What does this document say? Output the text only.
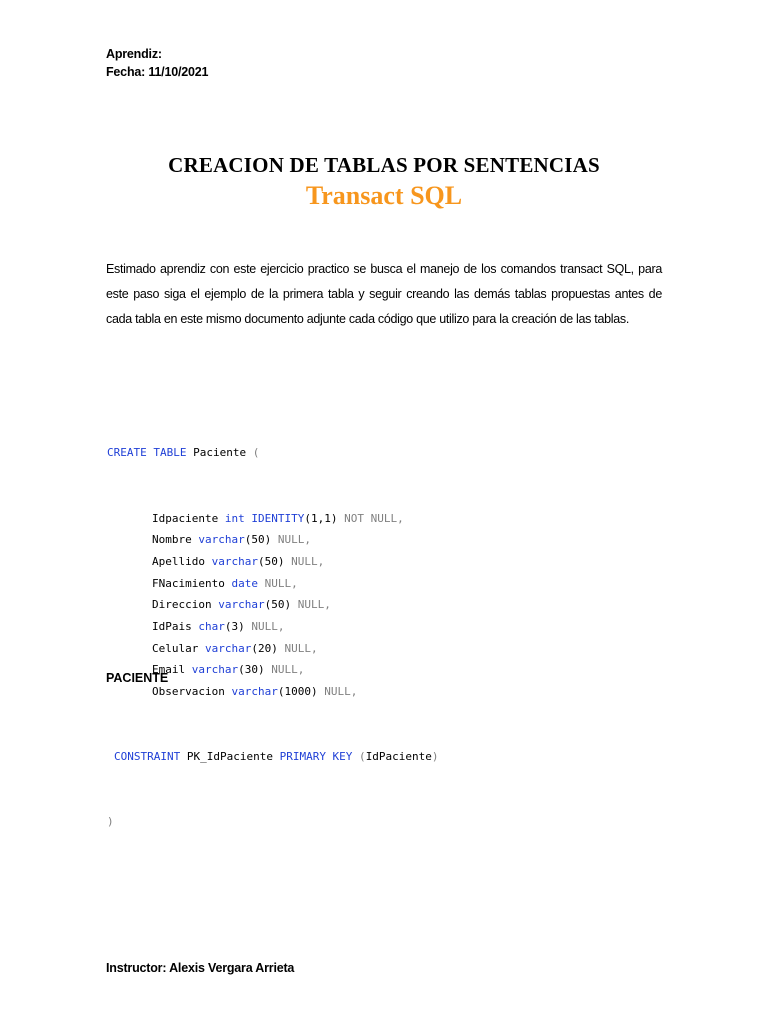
Aprendiz:
Fecha: 11/10/2021
CREACION DE TABLAS POR SENTENCIAS
Transact SQL
Estimado aprendiz con este ejercicio practico se busca el manejo de los comandos transact SQL, para este paso siga el ejemplo de la primera tabla y seguir creando las demás tablas propuestas antes de cada tabla en este mismo documento adjunte cada código que utilizo para la creación de las tablas.

CREATE TABLE Paciente (

Idpaciente int IDENTITY(1,1) NOT NULL,
Nombre varchar(50) NULL,
Apellido varchar(50) NULL,
FNacimiento date NULL,
Direccion varchar(50) NULL,
IdPais char(3) NULL,
Celular varchar(20) NULL,
Email varchar(30) NULL,
Observacion varchar(1000) NULL,

CONSTRAINT PK_IdPaciente PRIMARY KEY (IdPaciente)

)

PACIENTE
Instructor: Alexis Vergara Arrieta
